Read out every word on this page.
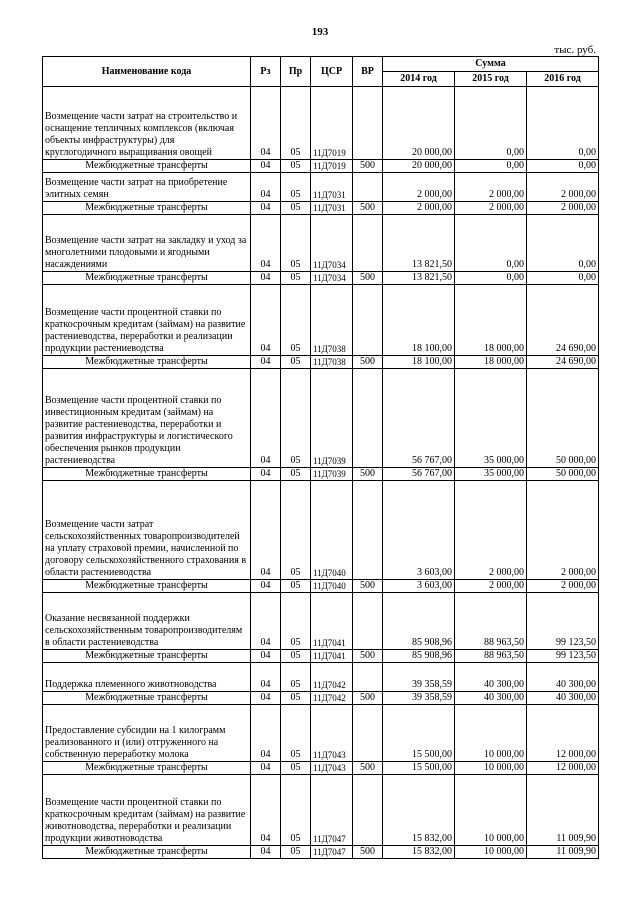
193
тыс. руб.
Наименование кода	Рз	Пр	ЦСР	ВР	Сумма		
					2014 год	2015 год	2016 год

Возмещение части затрат на строительство и оснащение тепличных комплексов (включая объекты инфраструктуры) для круглогодичного выращивания овощей	04	05	11Д7019		20 000,00	0,00	0,00
Межбюджетные трансферты	04	05	11Д7019	500	20 000,00	0,00	0,00

Возмещение части затрат на приобретение элитных семян	04	05	11Д7031		2 000,00	2 000,00	2 000,00
Межбюджетные трансферты	04	05	11Д7031	500	2 000,00	2 000,00	2 000,00

Возмещение части затрат на закладку и уход за многолетними плодовыми и ягодными насаждениями	04	05	11Д7034		13 821,50	0,00	0,00
Межбюджетные трансферты	04	05	11Д7034	500	13 821,50	0,00	0,00

Возмещение части процентной ставки по краткосрочным кредитам (займам) на развитие растениеводства, переработки и реализации продукции растениеводства	04	05	11Д7038		18 100,00	18 000,00	24 690,00
Межбюджетные трансферты	04	05	11Д7038	500	18 100,00	18 000,00	24 690,00

Возмещение части процентной ставки по инвестиционным кредитам (займам) на развитие растениеводства, переработки и развития инфраструктуры и логистического обеспечения рынков продукции растениеводства	04	05	11Д7039		56 767,00	35 000,00	50 000,00
Межбюджетные трансферты	04	05	11Д7039	500	56 767,00	35 000,00	50 000,00

Возмещение части затрат сельскохозяйственных товаропроизводителей на уплату страховой премии, начисленной по договору сельскохозяйственного страхования в области растениеводства	04	05	11Д7040		3 603,00	2 000,00	2 000,00
Межбюджетные трансферты	04	05	11Д7040	500	3 603,00	2 000,00	2 000,00

Оказание несвязанной поддержки сельскохозяйственным товаропроизводителям в области растениеводства	04	05	11Д7041		85 908,96	88 963,50	99 123,50
Межбюджетные трансферты	04	05	11Д7041	500	85 908,96	88 963,50	99 123,50

Поддержка племенного животноводства	04	05	11Д7042		39 358,59	40 300,00	40 300,00
Межбюджетные трансферты	04	05	11Д7042	500	39 358,59	40 300,00	40 300,00

Предоставление субсидии на 1 килограмм реализованного и (или) отгруженного на собственную переработку молока	04	05	11Д7043		15 500,00	10 000,00	12 000,00
Межбюджетные трансферты	04	05	11Д7043	500	15 500,00	10 000,00	12 000,00

Возмещение части процентной ставки по краткосрочным кредитам (займам) на развитие животноводства, переработки и реализации продукции животноводства	04	05	11Д7047		15 832,00	10 000,00	11 009,90
Межбюджетные трансферты	04	05	11Д7047	500	15 832,00	10 000,00	11 009,90
